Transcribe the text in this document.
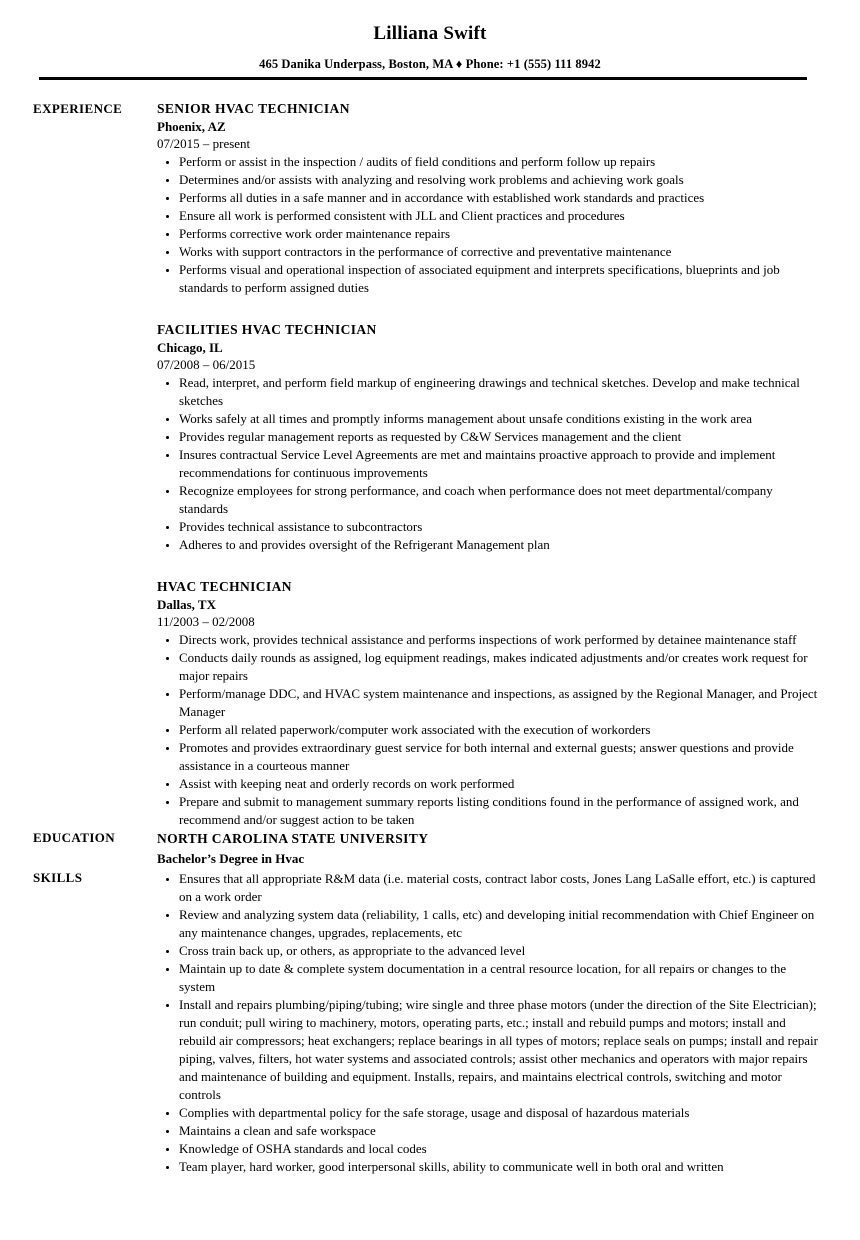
Lilliana Swift
465 Danika Underpass, Boston, MA ♦ Phone: +1 (555) 111 8942
EXPERIENCE	SENIOR HVAC TECHNICIAN
Phoenix, AZ
07/2015 – present
• Perform or assist in the inspection / audits of field conditions and perform follow up repairs
• Determines and/or assists with analyzing and resolving work problems and achieving work goals
• Performs all duties in a safe manner and in accordance with established work standards and practices
• Ensure all work is performed consistent with JLL and Client practices and procedures
• Performs corrective work order maintenance repairs
• Works with support contractors in the performance of corrective and preventative maintenance
• Performs visual and operational inspection of associated equipment and interprets specifications, blueprints and job standards to perform assigned duties
FACILITIES HVAC TECHNICIAN
Chicago, IL
07/2008 – 06/2015
• Read, interpret, and perform field markup of engineering drawings and technical sketches. Develop and make technical sketches
• Works safely at all times and promptly informs management about unsafe conditions existing in the work area
• Provides regular management reports as requested by C&W Services management and the client
• Insures contractual Service Level Agreements are met and maintains proactive approach to provide and implement recommendations for continuous improvements
• Recognize employees for strong performance, and coach when performance does not meet departmental/company standards
• Provides technical assistance to subcontractors
• Adheres to and provides oversight of the Refrigerant Management plan
HVAC TECHNICIAN
Dallas, TX
11/2003 – 02/2008
• Directs work, provides technical assistance and performs inspections of work performed by detainee maintenance staff
• Conducts daily rounds as assigned, log equipment readings, makes indicated adjustments and/or creates work request for major repairs
• Perform/manage DDC, and HVAC system maintenance and inspections, as assigned by the Regional Manager, and Project Manager
• Perform all related paperwork/computer work associated with the execution of workorders
• Promotes and provides extraordinary guest service for both internal and external guests; answer questions and provide assistance in a courteous manner
• Assist with keeping neat and orderly records on work performed
• Prepare and submit to management summary reports listing conditions found in the performance of assigned work, and recommend and/or suggest action to be taken
EDUCATION	NORTH CAROLINA STATE UNIVERSITY
Bachelor’s Degree in Hvac
SKILLS	• Ensures that all appropriate R&M data (i.e. material costs, contract labor costs, Jones Lang LaSalle effort, etc.) is captured on a work order
• Review and analyzing system data (reliability, 1 calls, etc) and developing initial recommendation with Chief Engineer on any maintenance changes, upgrades, replacements, etc
• Cross train back up, or others, as appropriate to the advanced level
• Maintain up to date & complete system documentation in a central resource location, for all repairs or changes to the system
• Install and repairs plumbing/piping/tubing; wire single and three phase motors (under the direction of the Site Electrician); run conduit; pull wiring to machinery, motors, operating parts, etc.; install and rebuild pumps and motors; install and rebuild air compressors; heat exchangers; replace bearings in all types of motors; replace seals on pumps; install and repair piping, valves, filters, hot water systems and associated controls; assist other mechanics and operators with major repairs and maintenance of building and equipment. Installs, repairs, and maintains electrical controls, switching and motor controls
• Complies with departmental policy for the safe storage, usage and disposal of hazardous materials
• Maintains a clean and safe workspace
• Knowledge of OSHA standards and local codes
• Team player, hard worker, good interpersonal skills, ability to communicate well in both oral and written
